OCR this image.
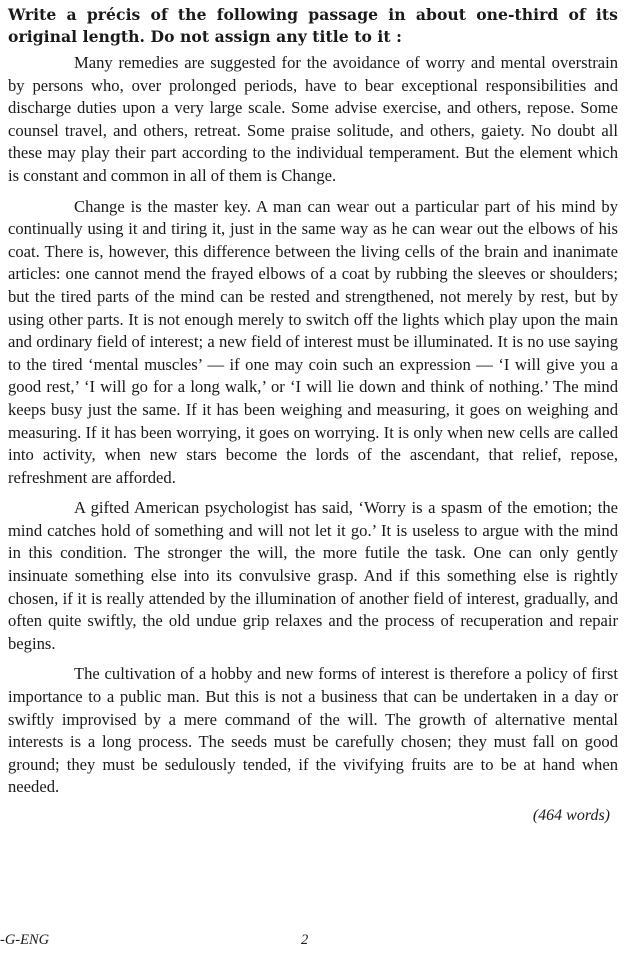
Write a précis of the following passage in about one-third of its original length. Do not assign any title to it :

Many remedies are suggested for the avoidance of worry and mental overstrain by persons who, over prolonged periods, have to bear exceptional responsibilities and discharge duties upon a very large scale. Some advise exercise, and others, repose. Some counsel travel, and others, retreat. Some praise solitude, and others, gaiety. No doubt all these may play their part according to the individual temperament. But the element which is constant and common in all of them is Change.

Change is the master key. A man can wear out a particular part of his mind by continually using it and tiring it, just in the same way as he can wear out the elbows of his coat. There is, however, this difference between the living cells of the brain and inanimate articles: one cannot mend the frayed elbows of a coat by rubbing the sleeves or shoulders; but the tired parts of the mind can be rested and strengthened, not merely by rest, but by using other parts. It is not enough merely to switch off the lights which play upon the main and ordinary field of interest; a new field of interest must be illuminated. It is no use saying to the tired ‘mental muscles’ — if one may coin such an expression — ‘I will give you a good rest,’ ‘I will go for a long walk,’ or ‘I will lie down and think of nothing.’ The mind keeps busy just the same. If it has been weighing and measuring, it goes on weighing and measuring. If it has been worrying, it goes on worrying. It is only when new cells are called into activity, when new stars become the lords of the ascendant, that relief, repose, refreshment are afforded.

A gifted American psychologist has said, ‘Worry is a spasm of the emotion; the mind catches hold of something and will not let it go.’ It is useless to argue with the mind in this condition. The stronger the will, the more futile the task. One can only gently insinuate something else into its convulsive grasp. And if this something else is rightly chosen, if it is really attended by the illumination of another field of interest, gradually, and often quite swiftly, the old undue grip relaxes and the process of recuperation and repair begins.

The cultivation of a hobby and new forms of interest is therefore a policy of first importance to a public man. But this is not a business that can be undertaken in a day or swiftly improvised by a mere command of the will. The growth of alternative mental interests is a long process. The seeds must be carefully chosen; they must fall on good ground; they must be sedulously tended, if the vivifying fruits are to be at hand when needed.

(464 words)
-G-ENG	2
